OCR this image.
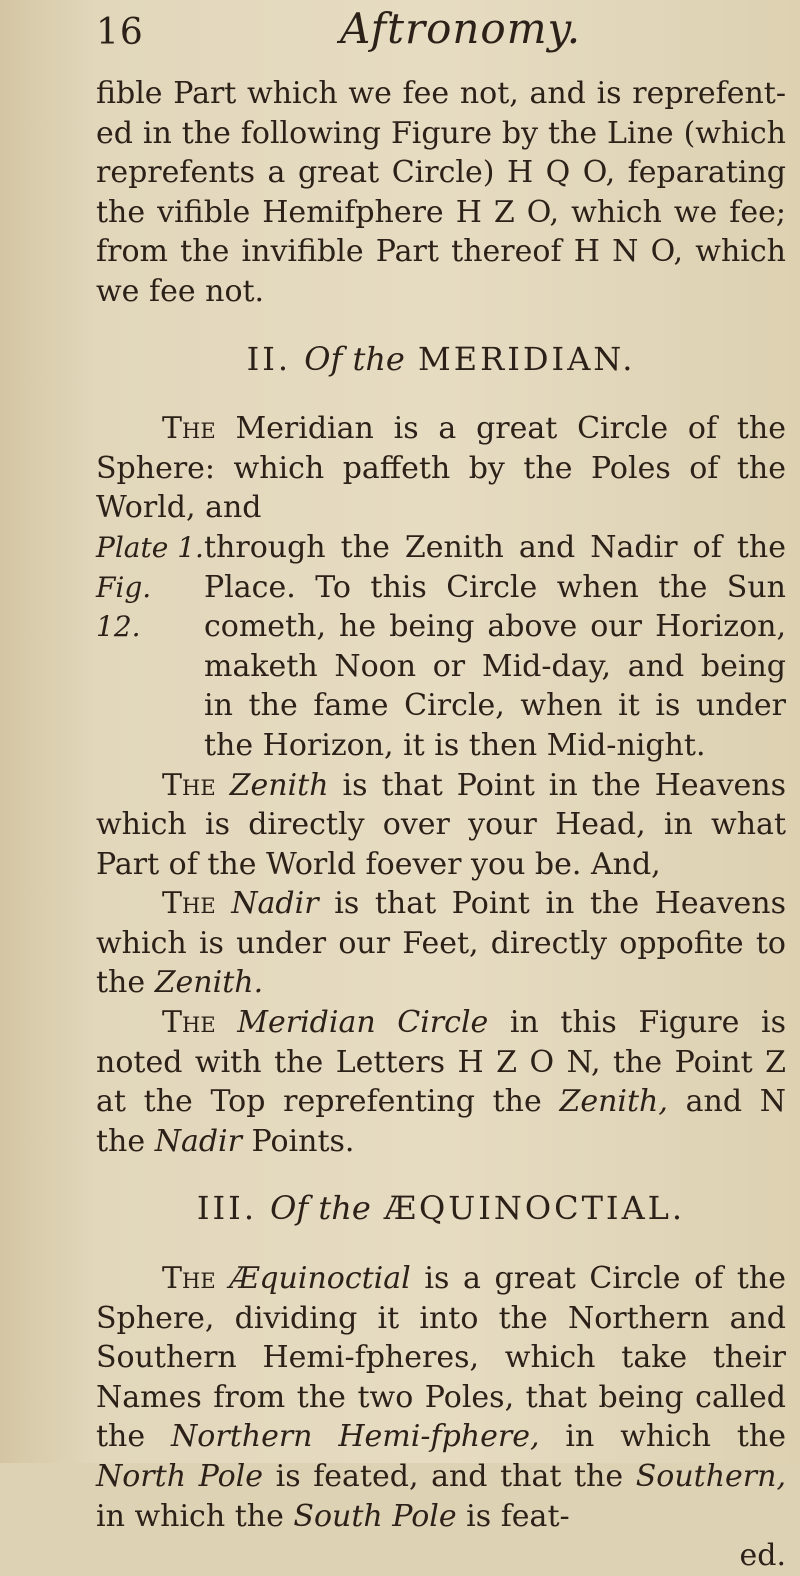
16	Aftronomy.

fible Part which we fee not, and is reprefent-ed in the following Figure by the Line (which reprefents a great Circle) H Q O, feparating the vifible Hemifphere H Z O, which we fee; from the invifible Part thereof H N O, which we fee not.

II. Of the MERIDIAN.

The Meridian is a great Circle of the Sphere: which paffeth by the Poles of the World, and

Plate 1. Fig. 12.

through the Zenith and Nadir of the Place. To this Circle when the Sun cometh, he being above our Horizon, maketh Noon or Mid-day, and being in the fame Circle, when it is under the Horizon, it is then Mid-night.

The Zenith is that Point in the Heavens which is directly over your Head, in what Part of the World foever you be. And,

The Nadir is that Point in the Heavens which is under our Feet, directly oppofite to the Zenith.

The Meridian Circle in this Figure is noted with the Letters H Z O N, the Point Z at the Top reprefenting the Zenith, and N the Nadir Points.

III. Of the ÆQUINOCTIAL.

The Æquinoctial is a great Circle of the Sphere, dividing it into the Northern and Southern Hemi-fpheres, which take their Names from the two Poles, that being called the Northern Hemi-fphere, in which the North Pole is feated, and that the Southern, in which the South Pole is feat-

ed.
